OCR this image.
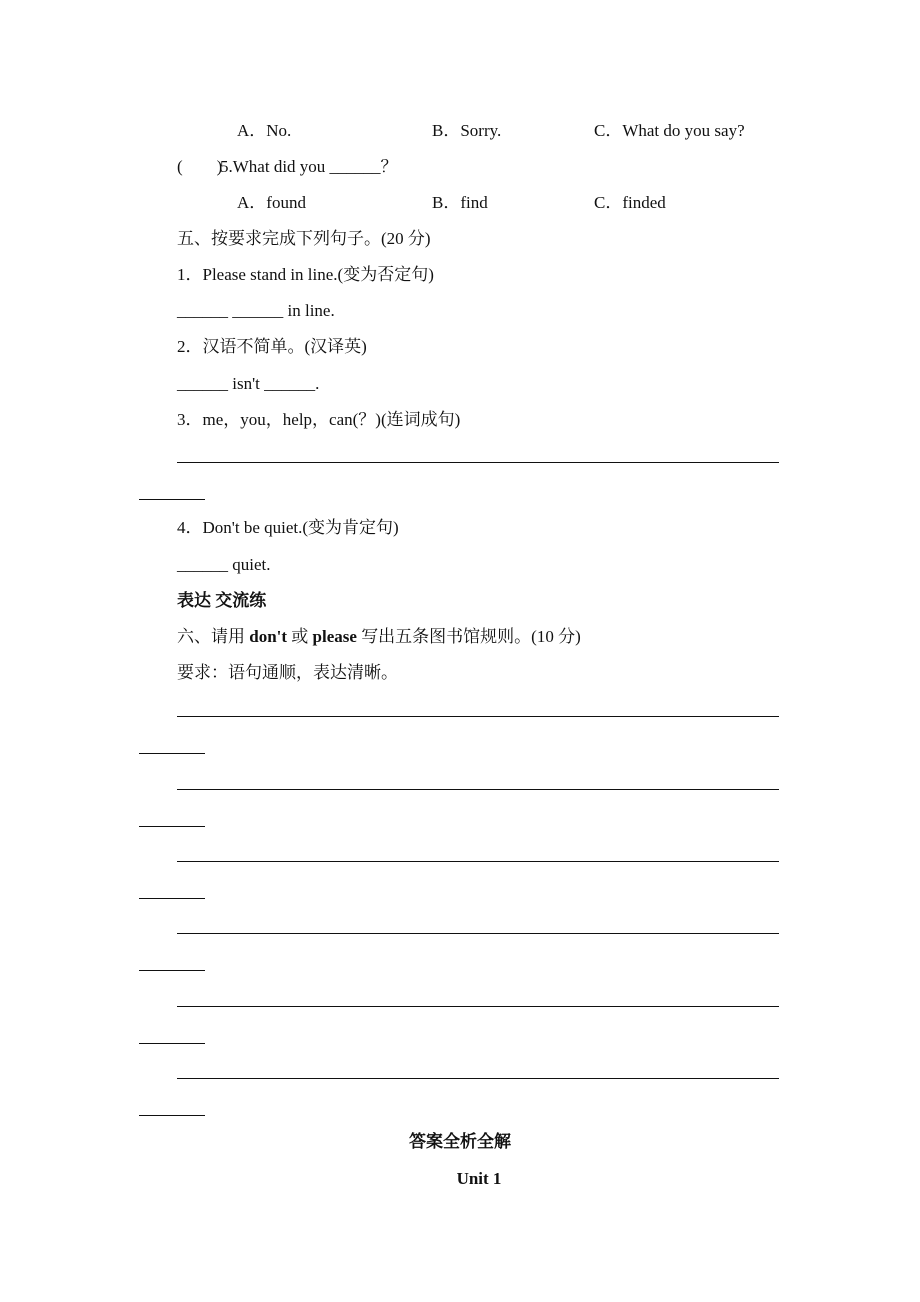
A．No.	B．Sorry.	C．What do you say?
(　　)
5.What did you ______？
A．found	B．find	C．finded
五、按要求完成下列句子。(20 分)
1．Please stand in line.(变为否定句)
______ ______ in line.
2．汉语不简单。(汉译英)
______ isn't ______.
3．me，you，help，can(？)(连词成句)
4．Don't be quiet.(变为肯定句)
______ quiet.
表达 交流练
六、请用 don't 或 please 写出五条图书馆规则。(10 分)
要求：语句通顺，表达清晰。
答案全析全解
Unit 1
